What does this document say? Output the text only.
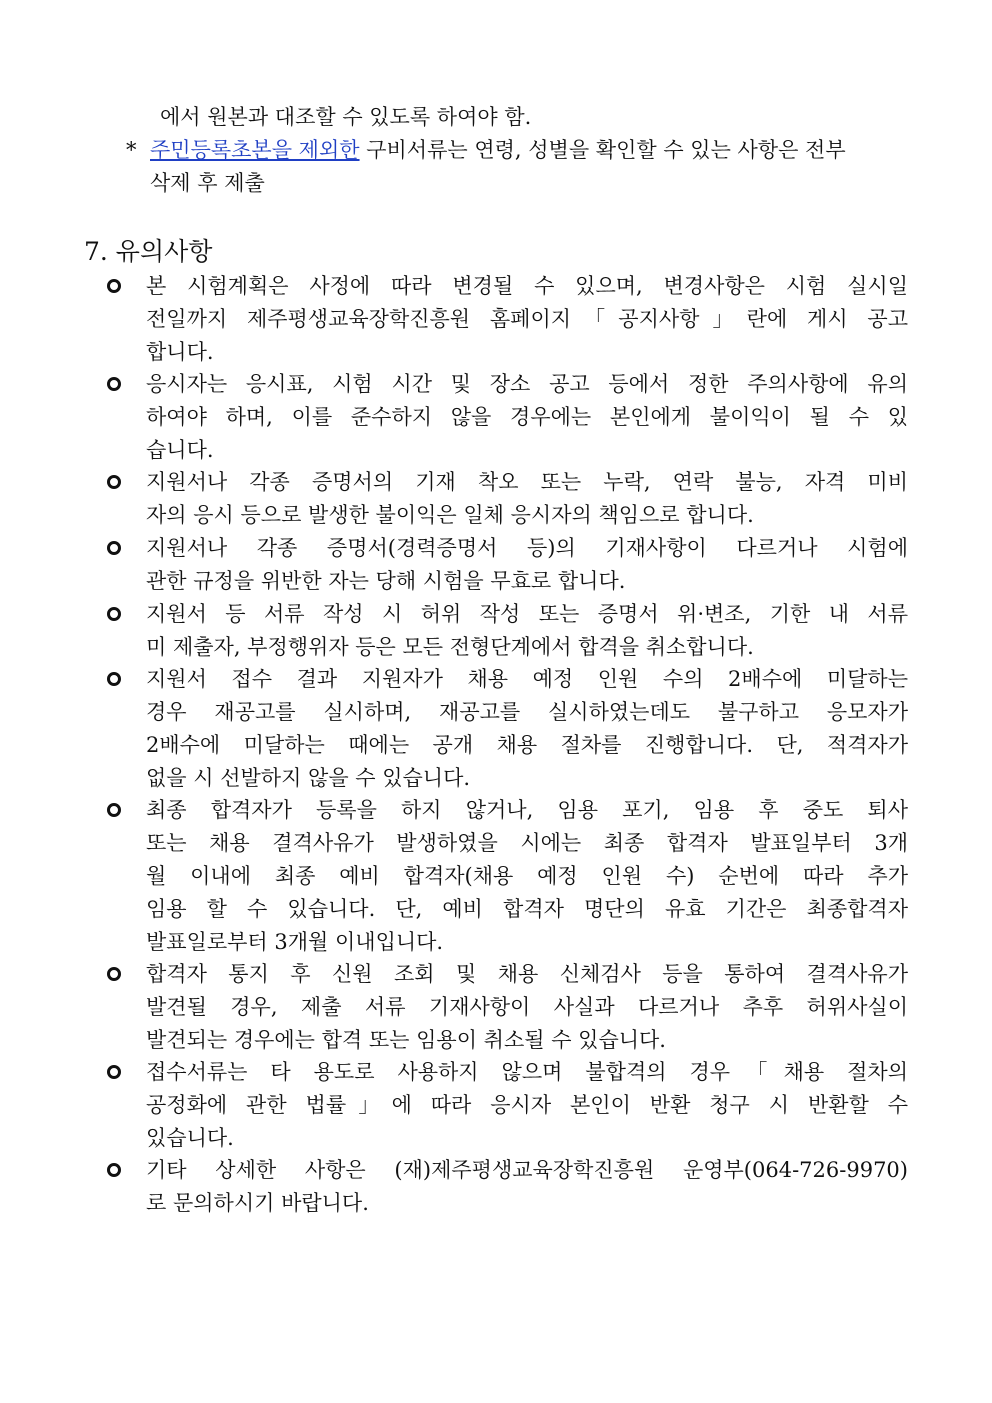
에서 원본과 대조할 수 있도록 하여야 함.
* 주민등록초본을 제외한 구비서류는 연령, 성별을 확인할 수 있는 사항은 전부
삭제 후 제출
7. 유의사항
본 시험계획은 사정에 따라 변경될 수 있으며, 변경사항은 시험 실시일
전일까지 제주평생교육장학진흥원 홈페이지「공지사항」란에 게시 공고
합니다.
응시자는 응시표, 시험 시간 및 장소 공고 등에서 정한 주의사항에 유의
하여야 하며, 이를 준수하지 않을 경우에는 본인에게 불이익이 될 수 있
습니다.
지원서나 각종 증명서의 기재 착오 또는 누락, 연락 불능, 자격 미비
자의 응시 등으로 발생한 불이익은 일체 응시자의 책임으로 합니다.
지원서나 각종 증명서(경력증명서 등)의 기재사항이 다르거나 시험에
관한 규정을 위반한 자는 당해 시험을 무효로 합니다.
지원서 등 서류 작성 시 허위 작성 또는 증명서 위·변조, 기한 내 서류
미 제출자, 부정행위자 등은 모든 전형단계에서 합격을 취소합니다.
지원서 접수 결과 지원자가 채용 예정 인원 수의 2배수에 미달하는
경우 재공고를 실시하며, 재공고를 실시하였는데도 불구하고 응모자가
2배수에 미달하는 때에는 공개 채용 절차를 진행합니다. 단, 적격자가
없을 시 선발하지 않을 수 있습니다.
최종 합격자가 등록을 하지 않거나, 임용 포기, 임용 후 중도 퇴사
또는 채용 결격사유가 발생하였을 시에는 최종 합격자 발표일부터 3개
월 이내에 최종 예비 합격자(채용 예정 인원 수) 순번에 따라 추가
임용 할 수 있습니다. 단, 예비 합격자 명단의 유효 기간은 최종합격자
발표일로부터 3개월 이내입니다.
합격자 통지 후 신원 조회 및 채용 신체검사 등을 통하여 결격사유가
발견될 경우, 제출 서류 기재사항이 사실과 다르거나 추후 허위사실이
발견되는 경우에는 합격 또는 임용이 취소될 수 있습니다.
접수서류는 타 용도로 사용하지 않으며 불합격의 경우「채용 절차의
공정화에 관한 법률」에 따라 응시자 본인이 반환 청구 시 반환할 수
있습니다.
기타 상세한 사항은 (재)제주평생교육장학진흥원 운영부(064-726-9970)
로 문의하시기 바랍니다.
